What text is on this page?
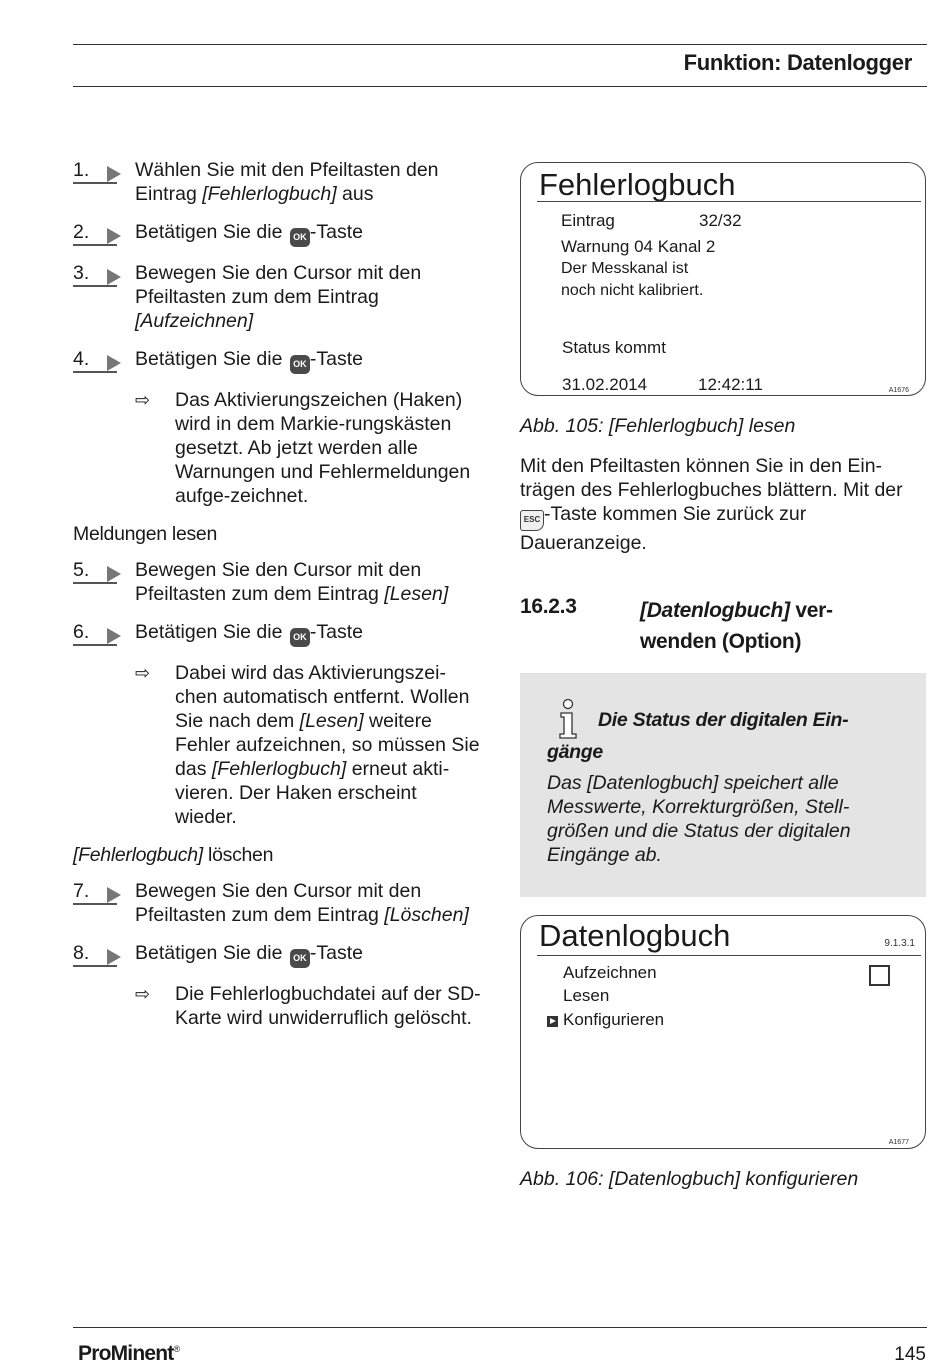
Funktion: Datenlogger
1.	Wählen Sie mit den Pfeiltasten den Eintrag [Fehlerlogbuch] aus
2.	Betätigen Sie die OK -Taste
3.	Bewegen Sie den Cursor mit den Pfeiltasten zum dem Eintrag [Aufzeichnen]
4.	Betätigen Sie die OK -Taste
⇨ Das Aktivierungszeichen (Haken) wird in dem Markie-rungskästen gesetzt. Ab jetzt werden alle Warnungen und Fehlermeldungen aufge-zeichnet.
Meldungen lesen
5.	Bewegen Sie den Cursor mit den Pfeiltasten zum dem Eintrag [Lesen]
6.	Betätigen Sie die OK -Taste
⇨ Dabei wird das Aktivierungszei-chen automatisch entfernt. Wollen Sie nach dem [Lesen] weitere Fehler aufzeichnen, so müssen Sie das [Fehlerlogbuch] erneut akti-vieren. Der Haken erscheint wieder.
[Fehlerlogbuch] löschen
7.	Bewegen Sie den Cursor mit den Pfeiltasten zum dem Eintrag [Löschen]
8.	Betätigen Sie die OK -Taste
⇨ Die Fehlerlogbuchdatei auf der SD-Karte wird unwiderruflich gelöscht.
Fehlerlogbuch
Eintrag	32/32
Warnung 04 Kanal 2
Der Messkanal ist
noch nicht kalibriert.
Status kommt
31.02.2014	12:42:11	A1676
Abb. 105: [Fehlerlogbuch] lesen
Mit den Pfeiltasten können Sie in den Ein-trägen des Fehlerlogbuches blättern. Mit der ESC -Taste kommen Sie zurück zur Daueranzeige.
16.2.3	[Datenlogbuch] ver-
wenden (Option)
Die Status der digitalen Ein-
gänge
Das [Datenlogbuch] speichert alle Messwerte, Korrekturgrößen, Stell-größen und die Status der digitalen Eingänge ab.
Datenlogbuch	9.1.3.1
Aufzeichnen
Lesen
Konfigurieren
A1677
Abb. 106: [Datenlogbuch] konfigurieren
ProMinent®	145
